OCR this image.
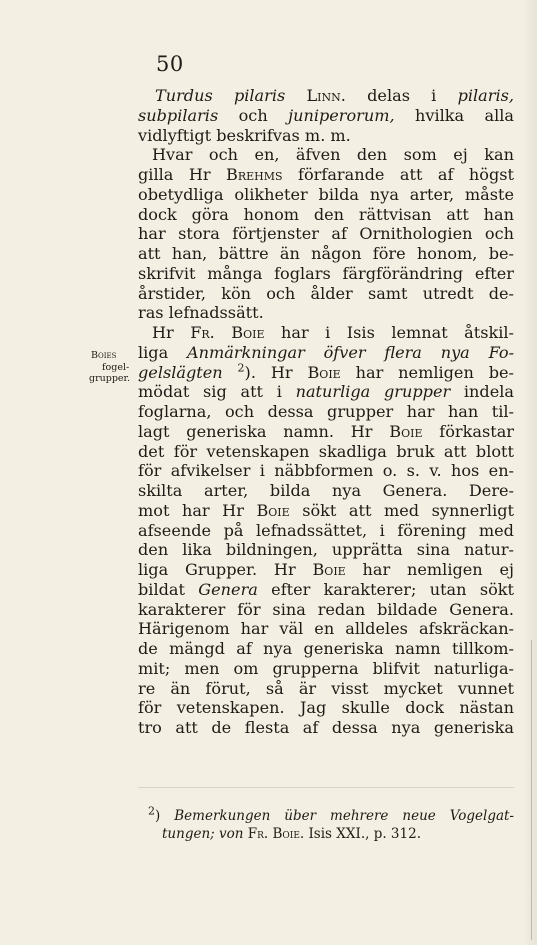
50
Boies
fogel-
grupper.
Turdus pilaris Linn. delas i pilaris,
subpilaris och juniperorum, hvilka alla
vidlyftigt beskrifvas m. m.
Hvar och en, äfven den som ej kan
gilla Hr Brehms förfarande att af högst
obetydliga olikheter bilda nya arter, måste
dock göra honom den rättvisan att han
har stora förtjenster af Ornithologien och
att han, bättre än någon före honom, be-
skrifvit många foglars färgförändring efter
årstider, kön och ålder samt utredt de-
ras lefnadssätt.
Hr Fr. Boie har i Isis lemnat åtskil-
liga Anmärkningar öfver flera nya Fo-
gelslägten $^2$). Hr Boie har nemligen be-
mödat sig att i naturliga grupper indela
foglarna, och dessa grupper har han til-
lagt generiska namn. Hr Boie förkastar
det för vetenskapen skadliga bruk att blott
för afvikelser i näbbformen o. s. v. hos en-
skilta arter, bilda nya Genera. Dere-
mot har Hr Boie sökt att med synnerligt
afseende på lefnadssättet, i förening med
den lika bildningen, upprätta sina natur-
liga Grupper. Hr Boie har nemligen ej
bildat Genera efter karakterer; utan sökt
karakterer för sina redan bildade Genera.
Härigenom har väl en alldeles afskräckan-
de mängd af nya generiska namn tillkom-
mit; men om grupperna blifvit naturliga-
re än förut, så är visst mycket vunnet
för vetenskapen. Jag skulle dock nästan
tro att de flesta af dessa nya generiska
$^2$) Bemerkungen über mehrere neue Vogelgat-
tungen; von Fr. Boie. Isis XXI., p. 312.
